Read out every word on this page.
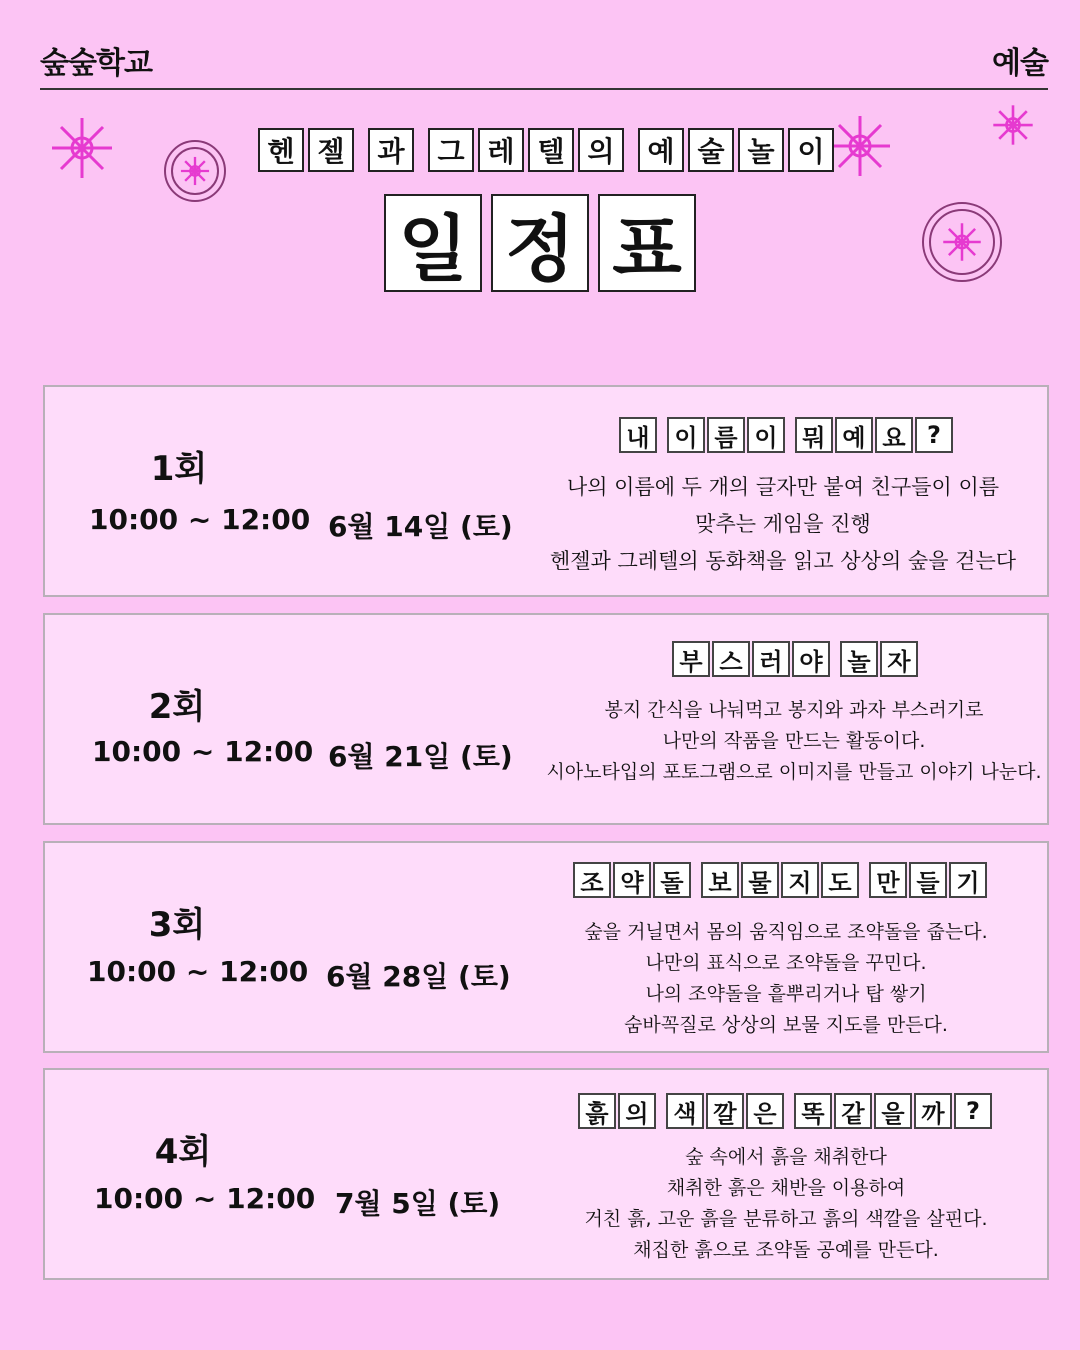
숲숲학교	예술
헨 젤	과	그 레 텔 의	예 술 놀 이
일 정 표
1회
10:00 ~ 12:00 6월 14일 (토)
내	이 름 이	뭐 예 요 ?
나의 이름에 두 개의 글자만 붙여 친구들이 이름
맞추는 게임을 진행
헨젤과 그레텔의 동화책을 읽고 상상의 숲을 걷는다
2회
10:00 ~ 12:00 6월 21일 (토)
부 스 러 야	놀 자
봉지 간식을 나눠먹고 봉지와 과자 부스러기로
나만의 작품을 만드는 활동이다.
시아노타입의 포토그램으로 이미지를 만들고 이야기 나눈다.
3회
10:00 ~ 12:00 6월 28일 (토)
조 약 돌	보 물 지 도	만 들 기
숲을 거닐면서 몸의 움직임으로 조약돌을 줍는다.
나만의 표식으로 조약돌을 꾸민다.
나의 조약돌을 흩뿌리거나 탑 쌓기
숨바꼭질로 상상의 보물 지도를 만든다.
4회
10:00 ~ 12:00 7월 5일 (토)
흙 의	색 깔 은	똑 같 을 까 ?
숲 속에서 흙을 채취한다
채취한 흙은 채반을 이용하여
거친 흙, 고운 흙을 분류하고 흙의 색깔을 살핀다.
채집한 흙으로 조약돌 공예를 만든다.
